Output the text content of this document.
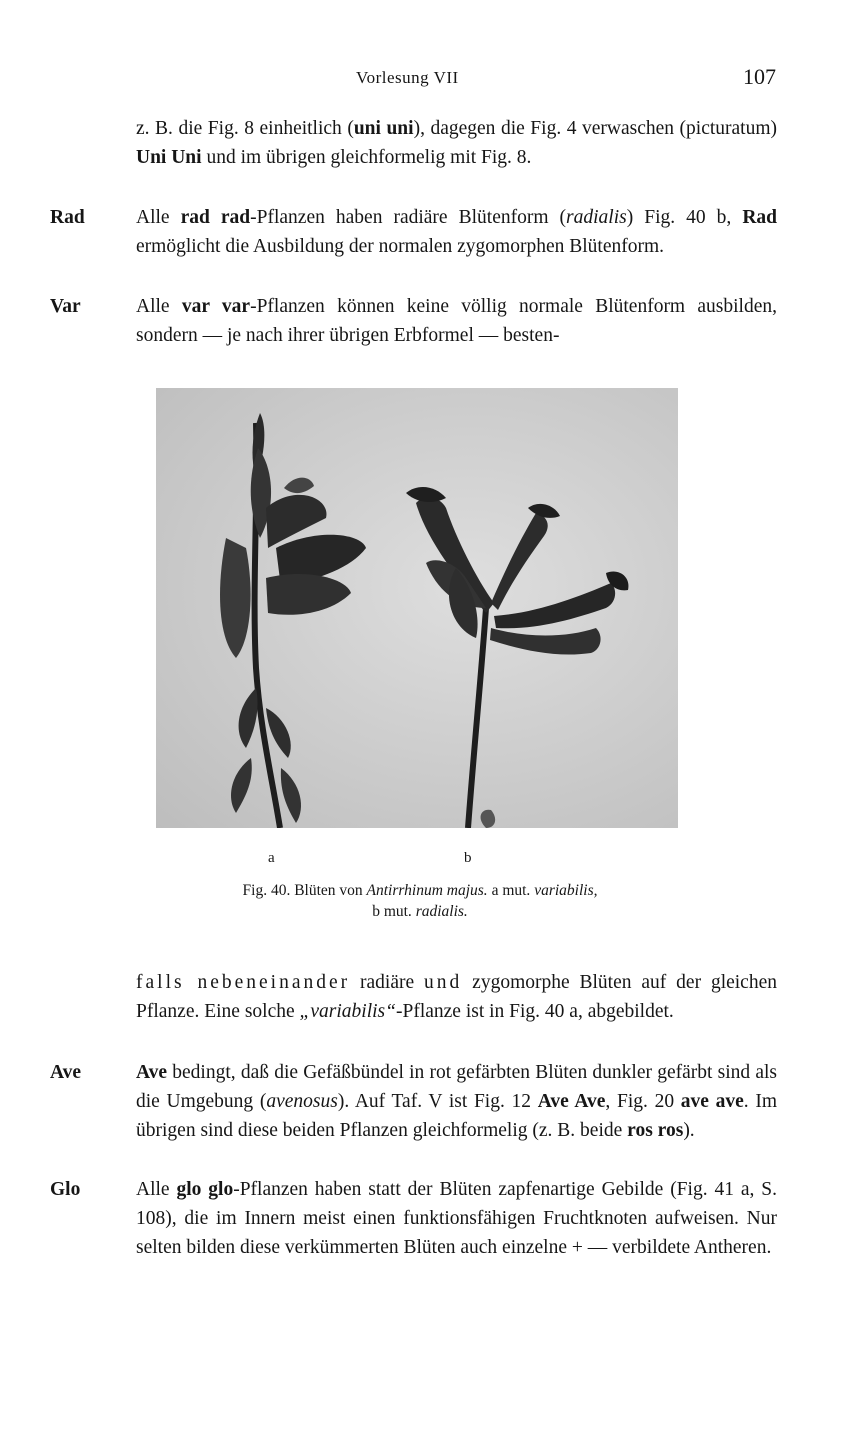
Vorlesung VII	107

z. B. die Fig. 8 einheitlich (uni uni), dagegen die Fig. 4 verwaschen (picturatum) Uni Uni und im übrigen gleichformelig mit Fig. 8.

Rad	Alle rad rad-Pflanzen haben radiäre Blütenform (radialis) Fig. 40 b, Rad ermöglicht die Ausbildung der normalen zygomorphen Blütenform.

Var	Alle var var-Pflanzen können keine völlig normale Blütenform ausbilden, sondern — je nach ihrer übrigen Erbformel — besten-

a	b
Fig. 40. Blüten von Antirrhinum majus. a mut. variabilis,
b mut. radialis.

falls nebeneinander radiäre und zygomorphe Blüten auf der gleichen Pflanze. Eine solche „variabilis“-Pflanze ist in Fig. 40 a, abgebildet.

Ave	Ave bedingt, daß die Gefäßbündel in rot gefärbten Blüten dunkler gefärbt sind als die Umgebung (avenosus). Auf Taf. V ist Fig. 12 Ave Ave, Fig. 20 ave ave. Im übrigen sind diese beiden Pflanzen gleichformelig (z. B. beide ros ros).

Glo	Alle glo glo-Pflanzen haben statt der Blüten zapfenartige Gebilde (Fig. 41 a, S. 108), die im Innern meist einen funktionsfähigen Fruchtknoten aufweisen. Nur selten bilden diese verkümmerten Blüten auch einzelne + — verbildete Antheren.
